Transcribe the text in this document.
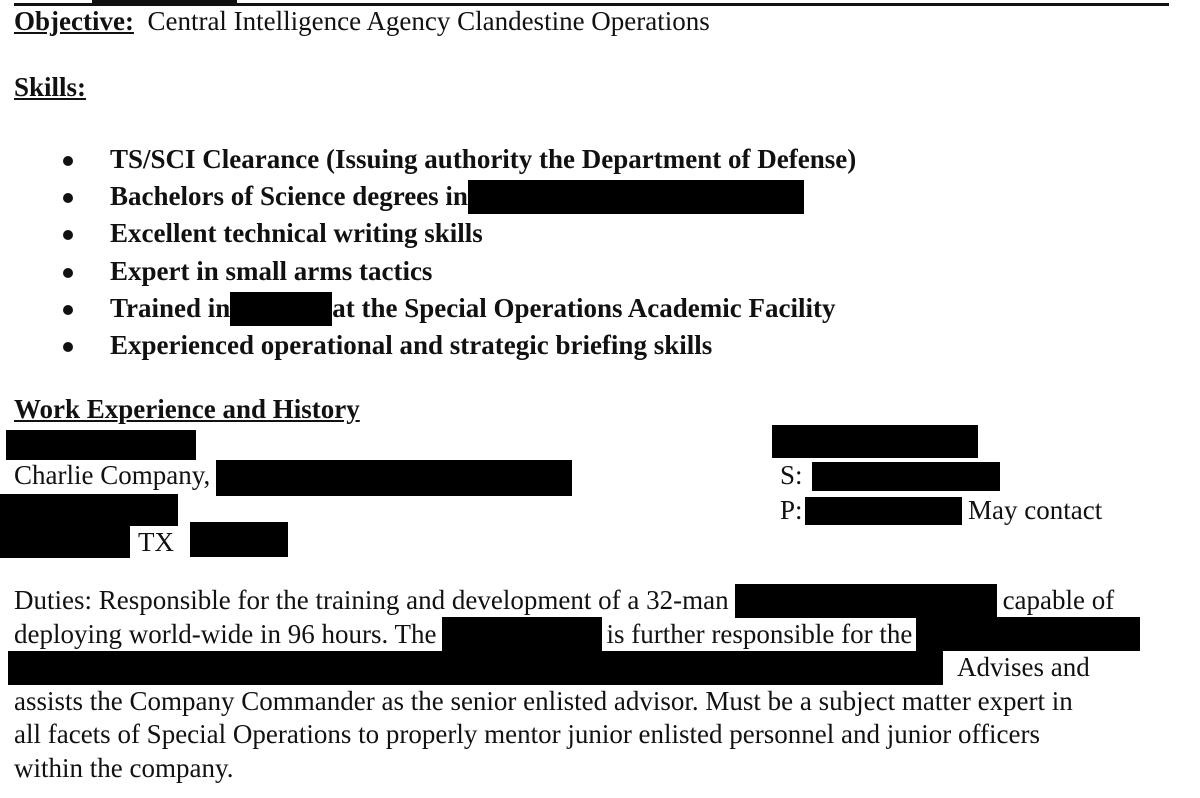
Objective: Central Intelligence Agency Clandestine Operations
Skills:
TS/SCI Clearance (Issuing authority the Department of Defense)
Bachelors of Science degrees in
Excellent technical writing skills
Expert in small arms tactics
Trained in	at the Special Operations Academic Facility
Experienced operational and strategic briefing skills
Work Experience and History
Charlie Company,	S:
P:	May contact
TX
Duties: Responsible for the training and development of a 32-man	capable of
deploying world-wide in 96 hours. The	is further responsible for the
Advises and
assists the Company Commander as the senior enlisted advisor. Must be a subject matter expert in
all facets of Special Operations to properly mentor junior enlisted personnel and junior officers
within the company.
